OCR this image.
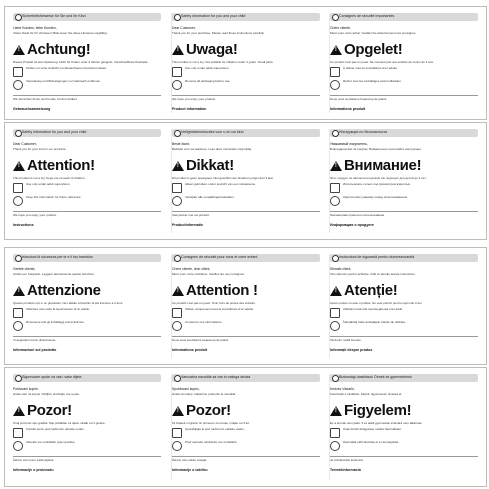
Sicherheitshinweise für Sie und Ihr Kind
Liebe Kunden, liebe Kunden,
Vielen Dank für Ihr Vertrauen! Bitte lesen Sie diese Hinweise sorgfältig.
!
Achtung!
Dieses Produkt ist kein Spielzeug. Nicht für Kinder unter 3 Jahren geeignet. Verschluckbare Kleinteile.
Kinder nur unter Aufsicht von Erwachsenen benutzen lassen.
Verpackung und Befestigungen vor Gebrauch entfernen.
Wir wünschen Ihnen viel Freude mit dem Artikel.
Gebrauchsanweisung
Safety information for you and your child
Dear Customer,
Thank you for your purchase. Please read these instructions carefully.
!
Uwaga!
This product is not a toy. Not suitable for children under 3 years. Small parts.
Use only under adult supervision.
Remove all packaging before use.
We hope you enjoy your product.
Product information
Consignes de sécurité importantes
Chère cliente,
Merci pour votre achat. Veuillez lire attentivement ces consignes.
!
Opgelet!
Ce produit n'est pas un jouet. Ne convient pas aux enfants de moins de 3 ans.
À utiliser sous la surveillance d'un adulte.
Retirer tous les emballages avant utilisation.
Nous vous souhaitons beaucoup de plaisir.
Informations produit
Safety information for you and your child
Dear Customer,
Thank you for your trust in our products.
!
Attention!
This product is not a toy. Keep out of reach of children.
Use only under adult supervision.
Keep this information for future reference.
We hope you enjoy your product.
Instructions
Veiligheidsinstructies voor u en uw kind
Beste klant,
Bedankt voor uw aankoop. Lees deze instructies zorgvuldig.
!
Dikkat!
Dit product is geen speelgoed. Niet geschikt voor kinderen jonger dan 3 jaar.
Alleen gebruiken onder toezicht van een volwassene.
Verwijder alle verpakkingsmaterialen.
Veel plezier met uw product.
Productinformatie
Инструкции по безопасности
Уважаемый покупатель,
Благодарим вас за покупку. Внимательно прочитайте инструкции.
!
Внимание!
Этот продукт не является игрушкой. Не подходит для детей до 3 лет.
Использовать только под присмотром взрослых.
Удалите всю упаковку перед использованием.
Желаем вам приятного использования.
Информация о продукте
Istruzioni di sicurezza per te e il tuo bambino
Gentile cliente,
Grazie per l'acquisto. Leggere attentamente queste istruzioni.
!
Attenzione
Questo prodotto non è un giocattolo. Non adatto a bambini di età inferiore a 3 anni.
Utilizzare solo sotto la supervisione di un adulto.
Rimuovere tutti gli imballaggi prima dell'uso.
Vi auguriamo buon divertimento.
Informazioni sul prodotto
Consignes de sécurité pour vous et votre enfant
Chère cliente, cher client,
Merci pour votre confiance. Veuillez lire ces consignes.
!
Attention !
Ce produit n'est pas un jouet. Tenir hors de portée des enfants.
Utiliser uniquement sous la surveillance d'un adulte.
Conserver ces informations.
Nous vous souhaitons beaucoup de plaisir.
Informations produit
Instrucțiuni de siguranță pentru dumneavoastră
Stimate client,
Vă mulțumim pentru achiziție. Citiți cu atenție aceste instrucțiuni.
!
Atenție!
Acest produs nu este o jucărie. Nu este potrivit pentru copii sub 3 ani.
Utilizați numai sub supravegherea unui adult.
Îndepărtați toate ambalajele înainte de utilizare.
Vă dorim multă bucurie.
Informații despre produs
Sigurnosne upute za vas i vaše dijete
Poštovani kupče,
Hvala vam na kupnji. Pažljivo pročitajte ove upute.
!
Pozor!
Ovaj proizvod nije igračka. Nije prikladan za djecu mlađu od 3 godine.
Koristiti samo pod nadzorom odrasle osobe.
Uklonite svu ambalažu prije uporabe.
Želimo vam puno zadovoljstva.
Informacije o proizvodu
Varnostna navodila za vas in vašega otroka
Spoštovani kupec,
Hvala za nakup. Natančno preberite ta navodila.
!
Pozor!
Ta izdelek ni igrača. Ni primeren za otroke, mlajše od 3 let.
Uporabljajte le pod nadzorom odrasle osebe.
Pred uporabo odstranite vso embalažo.
Želimo vam veliko veselja.
Informacije o izdelku
Biztonsági utasítások Önnek és gyermekének
Kedves Vásárló,
Köszönjük a vásárlást. Kérjük, figyelmesen olvassa el.
!
Figyelem!
Ez a termék nem játék. 3 év alatti gyermekek számára nem alkalmas.
Csak felnőtt felügyelete mellett használható.
Használat előtt távolítsa el a csomagolást.
Jó szórakozást kívánunk.
Termékinformáció
